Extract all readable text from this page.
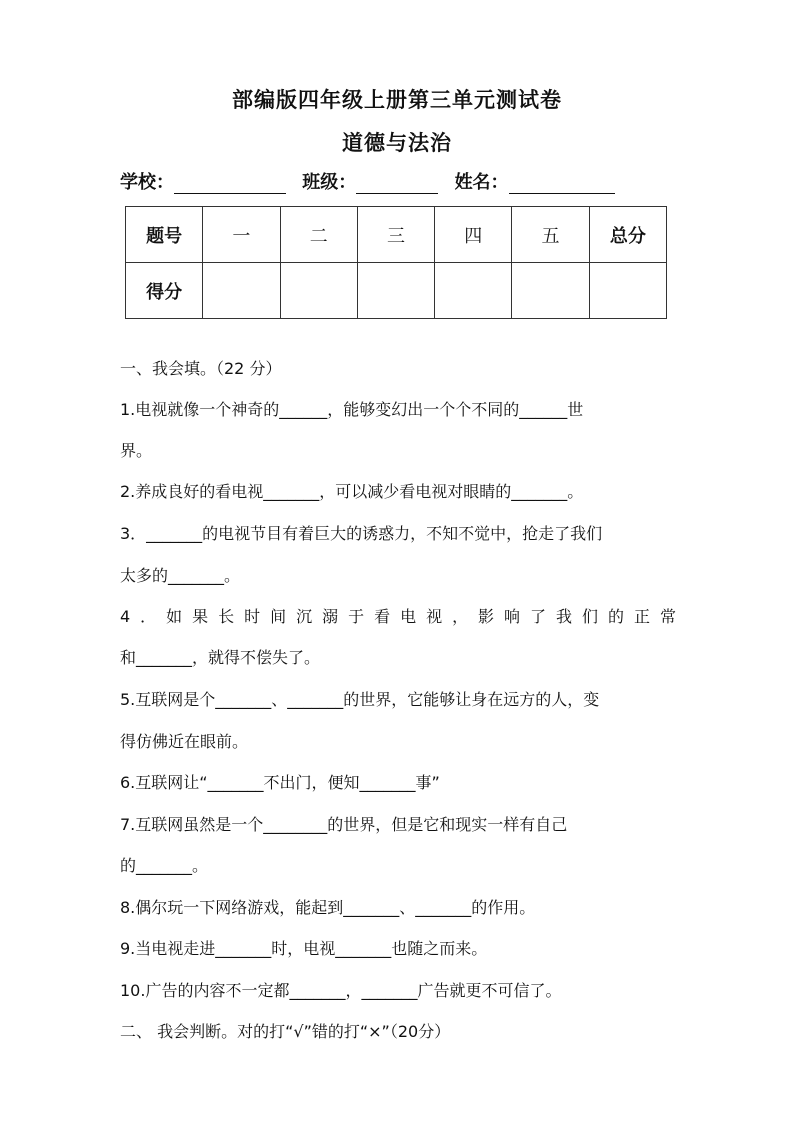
部编版四年级上册第三单元测试卷
道德与法治
学校：	班级：	姓名：
题号	一	二	三	四	五	总分
得分						
一、我会填。（22 分）
1.电视就像一个神奇的______，能够变幻出一个个不同的______世
界。
2.养成良好的看电视_______，可以减少看电视对眼睛的_______。
3．_______的电视节目有着巨大的诱惑力，不知不觉中，抢走了我们
太多的_______。
4．如果长时间沉溺于看电视，影响了我们的正常
和_______，就得不偿失了。
5.互联网是个_______、_______的世界，它能够让身在远方的人，变
得仿佛近在眼前。
6.互联网让“_______不出门，便知_______事”
7.互联网虽然是一个________的世界，但是它和现实一样有自己
的_______。
8.偶尔玩一下网络游戏，能起到_______、_______的作用。
9.当电视走进_______时，电视_______也随之而来。
10.广告的内容不一定都_______，_______广告就更不可信了。
二、 我会判断。对的打“√”错的打“×”（20分）
